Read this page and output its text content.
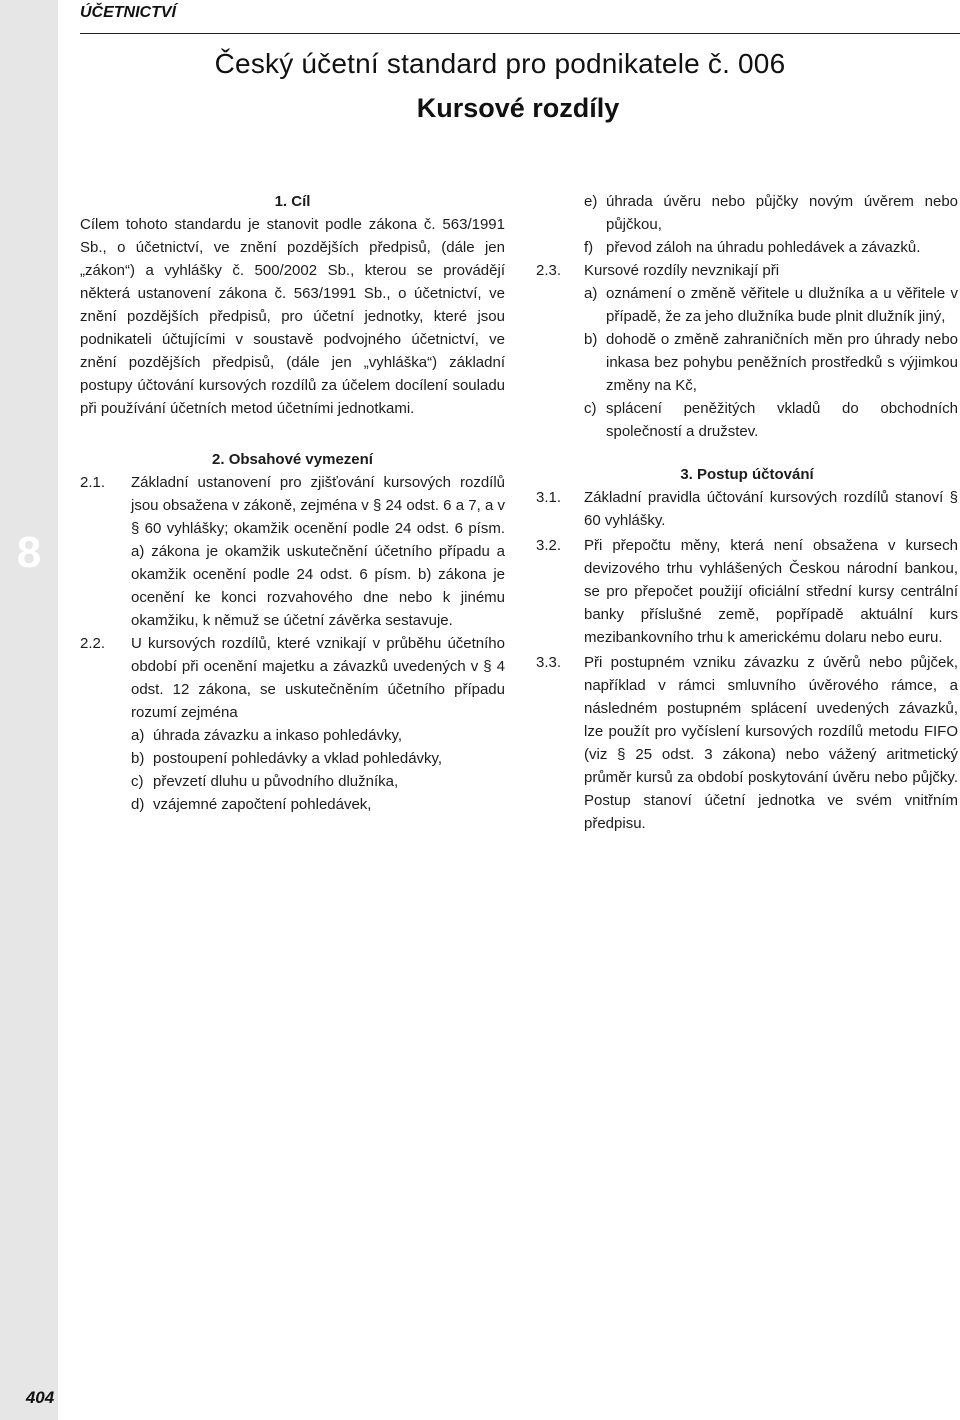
8
ÚČETNICTVÍ
Český účetní standard pro podnikatele č. 006
Kursové rozdíly
1. Cíl
Cílem tohoto standardu je stanovit podle zákona č. 563/1991 Sb., o účetnictví, ve znění pozdějších předpisů, (dále jen „zákon“) a vyhlášky č. 500/2002 Sb., kterou se provádějí některá ustanovení zákona č. 563/1991 Sb., o účetnictví, ve znění pozdějších předpisů, pro účetní jednotky, které jsou podnikateli účtujícími v soustavě podvojného účetnictví, ve znění pozdějších předpisů, (dále jen „vyhláška“) základní postupy účtování kursových rozdílů za účelem docílení souladu při používání účetních metod účetními jednotkami.
2. Obsahové vymezení
2.1.	Základní ustanovení pro zjišťování kursových rozdílů jsou obsažena v zákoně, zejména v § 24 odst. 6 a 7, a v § 60 vyhlášky; okamžik ocenění podle 24 odst. 6 písm. a) zákona je okamžik uskutečnění účetního případu a okamžik ocenění podle 24 odst. 6 písm. b) zákona je ocenění ke konci rozvahového dne nebo k jinému okamžiku, k němuž se účetní závěrka sestavuje.
2.2.	U kursových rozdílů, které vznikají v průběhu účetního období při ocenění majetku a závazků uvedených v § 4 odst. 12 zákona, se uskutečněním účetního případu rozumí zejména
a) úhrada závazku a inkaso pohledávky,
b) postoupení pohledávky a vklad pohledávky,
c) převzetí dluhu u původního dlužníka,
d) vzájemné započtení pohledávek,
e) úhrada úvěru nebo půjčky novým úvěrem nebo půjčkou,
f) převod záloh na úhradu pohledávek a závazků.
2.3.	Kursové rozdíly nevznikají při
a) oznámení o změně věřitele u dlužníka a u věřitele v případě, že za jeho dlužníka bude plnit dlužník jiný,
b) dohodě o změně zahraničních měn pro úhrady nebo inkasa bez pohybu peněžních prostředků s výjimkou změny na Kč,
c) splácení peněžitých vkladů do obchodních společností a družstev.
3. Postup účtování
3.1.	Základní pravidla účtování kursových rozdílů stanoví § 60 vyhlášky.
3.2.	Při přepočtu měny, která není obsažena v kursech devizového trhu vyhlášených Českou národní bankou, se pro přepočet použijí oficiální střední kursy centrální banky příslušné země, popřípadě aktuální kurs mezibankovního trhu k americkému dolaru nebo euru.
3.3.	Při postupném vzniku závazku z úvěrů nebo půjček, například v rámci smluvního úvěrového rámce, a následném postupném splácení uvedených závazků, lze použít pro vyčíslení kursových rozdílů metodu FIFO (viz § 25 odst. 3 zákona) nebo vážený aritmetický průměr kursů za období poskytování úvěru nebo půjčky. Postup stanoví účetní jednotka ve svém vnitřním předpisu.
404
